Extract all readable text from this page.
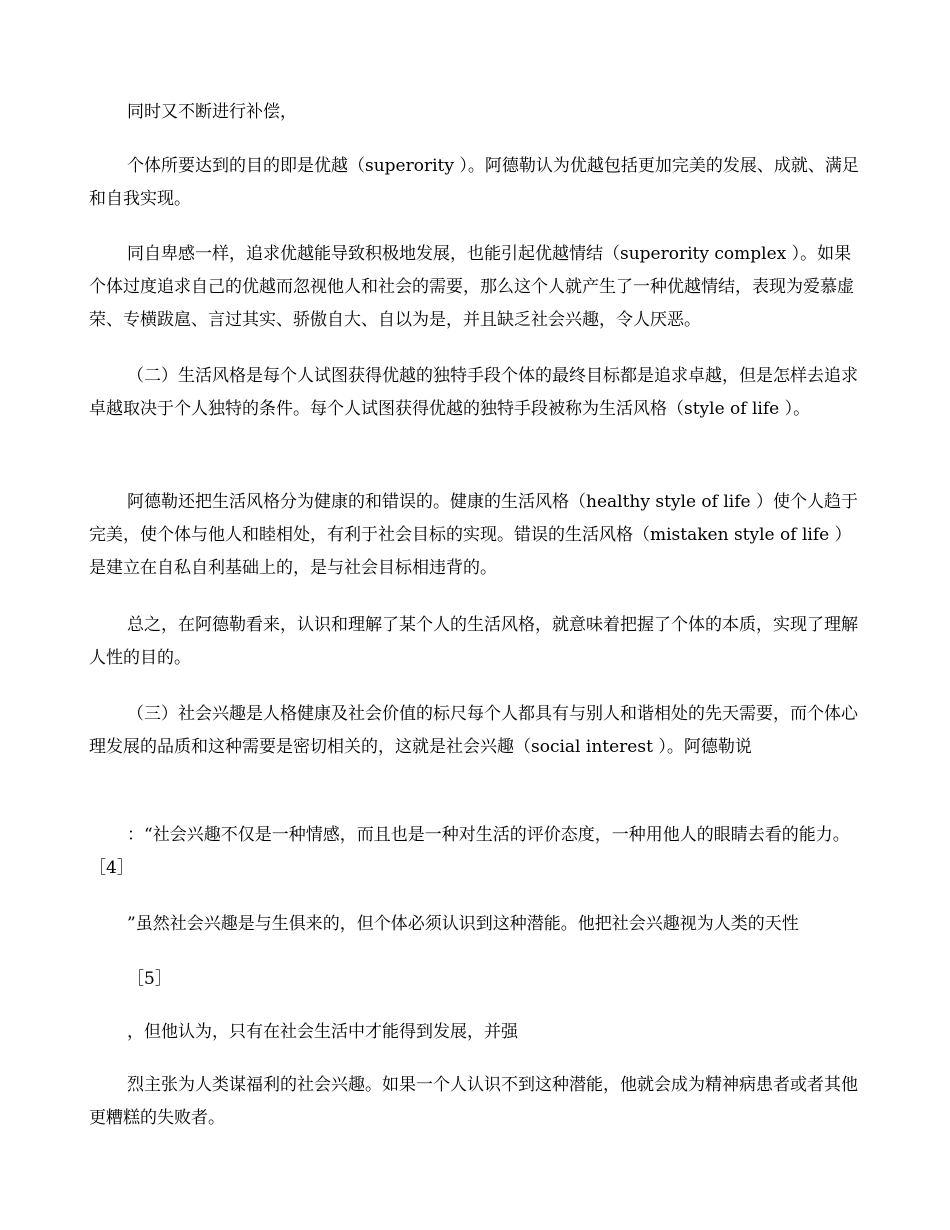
同时又不断进行补偿，

个体所要达到的目的即是优越（superority ）。阿德勒认为优越包括更加完美的发展、成就、满足和自我实现。

同自卑感一样，追求优越能导致积极地发展，也能引起优越情结（superority complex ）。如果个体过度追求自己的优越而忽视他人和社会的需要，那么这个人就产生了一种优越情结，表现为爱慕虚荣、专横跋扈、言过其实、骄傲自大、自以为是，并且缺乏社会兴趣，令人厌恶。

（二）生活风格是每个人试图获得优越的独特手段个体的最终目标都是追求卓越，但是怎样去追求卓越取决于个人独特的条件。每个人试图获得优越的独特手段被称为生活风格（style of life ）。

阿德勒还把生活风格分为健康的和错误的。健康的生活风格（healthy style of life ）使个人趋于完美，使个体与他人和睦相处，有利于社会目标的实现。错误的生活风格（mistaken style of life ）是建立在自私自利基础上的，是与社会目标相违背的。

总之，在阿德勒看来，认识和理解了某个人的生活风格，就意味着把握了个体的本质，实现了理解人性的目的。

（三）社会兴趣是人格健康及社会价值的标尺每个人都具有与别人和谐相处的先天需要，而个体心理发展的品质和这种需要是密切相关的，这就是社会兴趣（social interest ）。阿德勒说

：“社会兴趣不仅是一种情感，而且也是一种对生活的评价态度，一种用他人的眼睛去看的能力。［4］

”虽然社会兴趣是与生俱来的，但个体必须认识到这种潜能。他把社会兴趣视为人类的天性

［5］

，但他认为，只有在社会生活中才能得到发展，并强

烈主张为人类谋福利的社会兴趣。如果一个人认识不到这种潜能，他就会成为精神病患者或者其他更糟糕的失败者。
